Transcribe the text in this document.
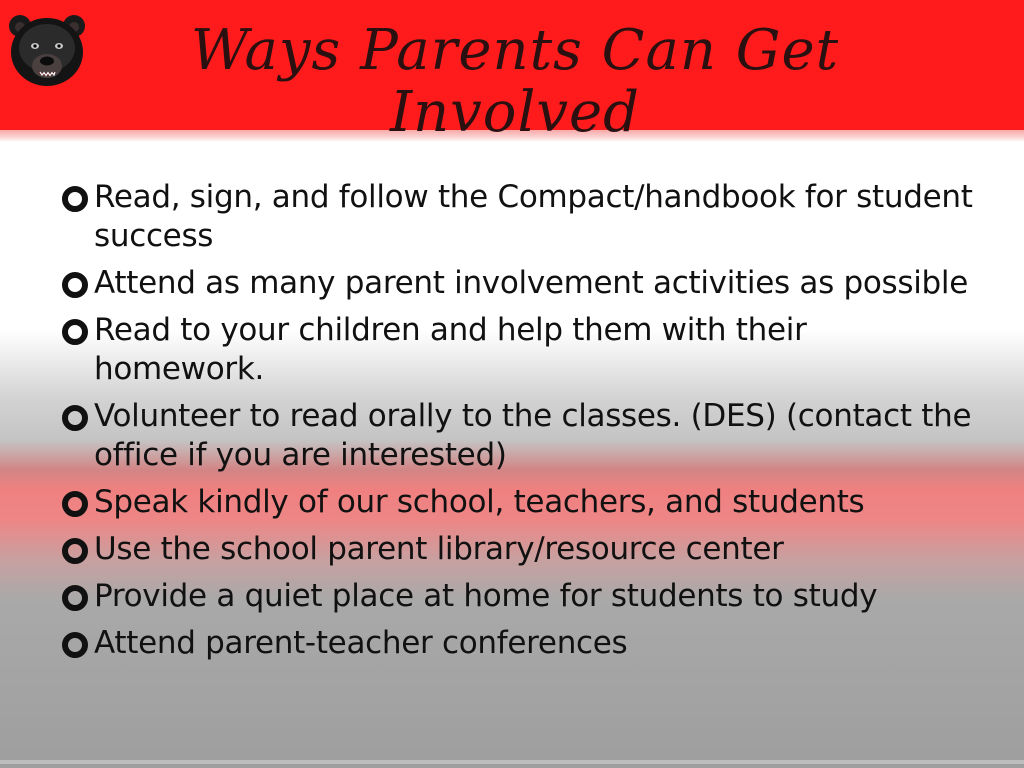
Ways Parents Can Get Involved
Read, sign, and follow the Compact/handbook for student success
Attend as many parent involvement activities as possible
Read to your children and help them with their homework.
Volunteer to read orally to the classes. (DES) (contact the office if you are interested)
Speak kindly of our school, teachers, and students
Use the school parent library/resource center
Provide a quiet place at home for students to study
Attend parent-teacher conferences
